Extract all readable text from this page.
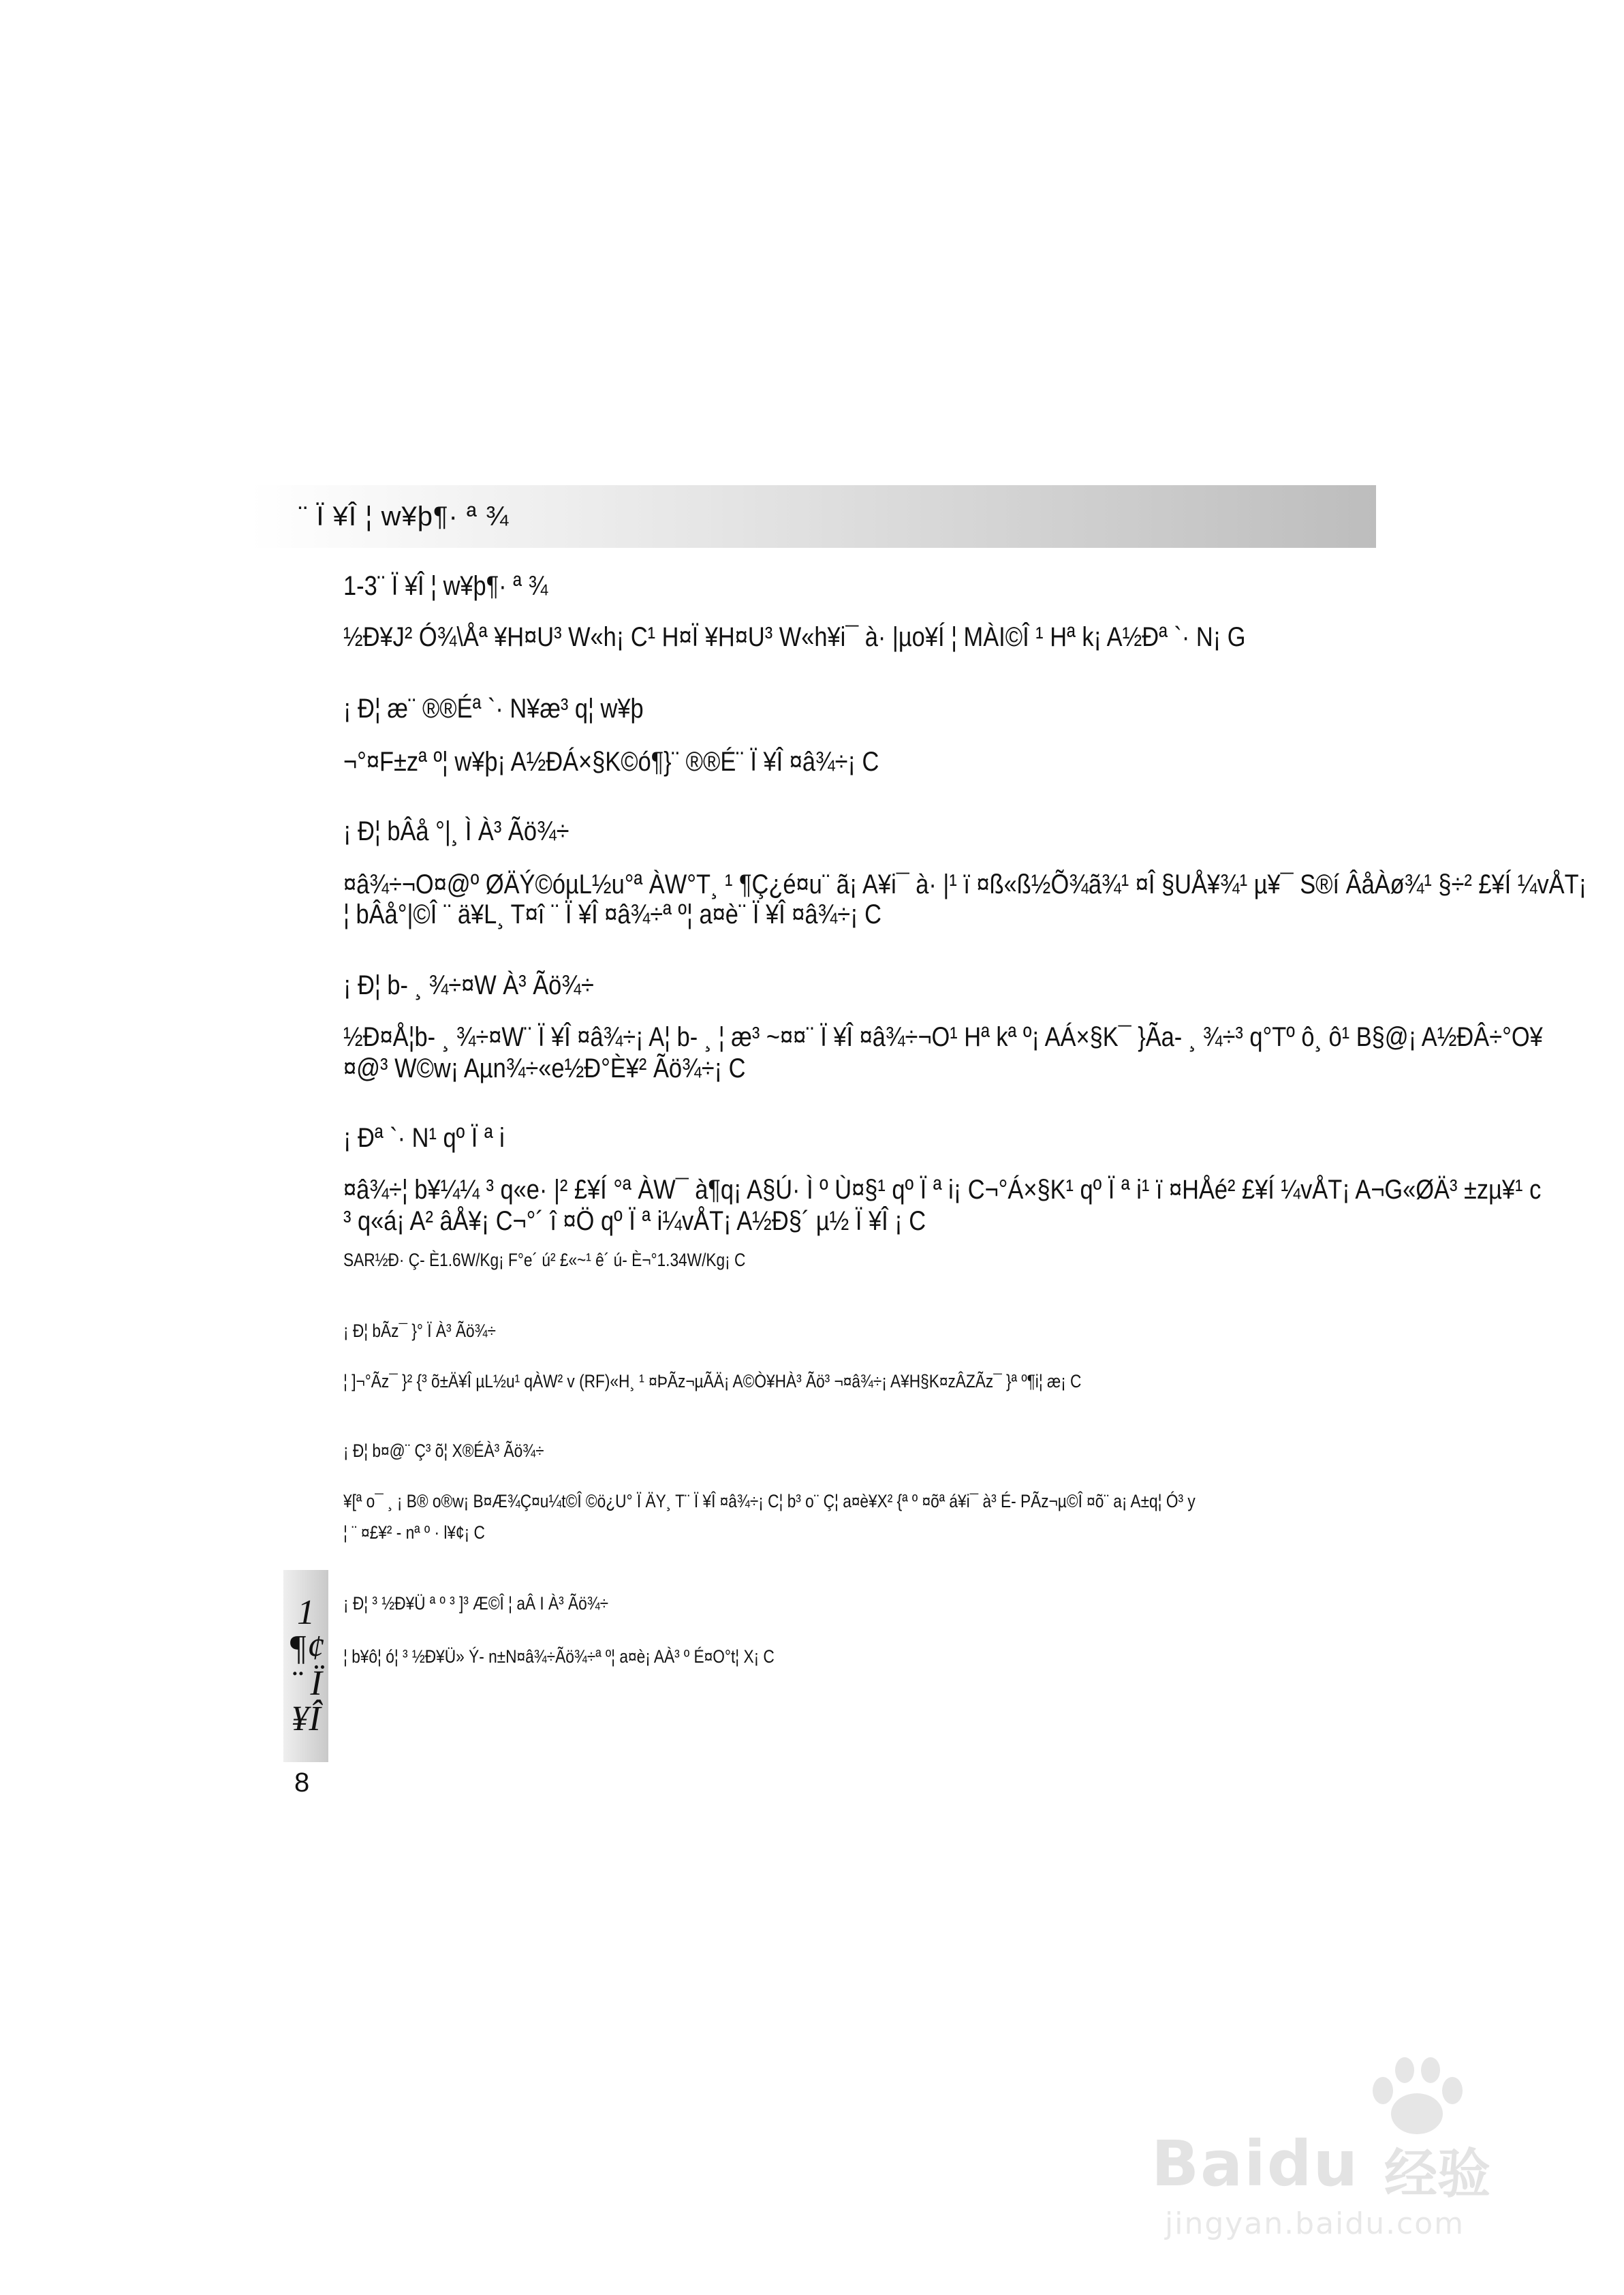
¨ Ï ¥Î ¦ w¥þ¶· ª ¾
1-3¨ Ï ¥Î ¦ w¥þ¶· ª ¾
½Ð¥J² Ó¾\Åª ¥H¤U³ W«h¡ C¹ H¤Ï ¥H¤U³ W«h¥i¯ à· |µo¥Í ¦ MÀI©Î ¹ Hª k¡ A½Ðª `· N¡ G
¡ Ð¦ æ¨ ®®Éª `· N¥æ³ q¦ w¥þ
¬°¤F±zª º¦ w¥þ¡ A½ÐÁ×§K©ó¶}¨ ®®É¨ Ï ¥Î ¤â¾÷¡ C
¡ Ð¦ bÂå °|¸ Ì À³ Ãö¾÷
¤â¾÷¬O¤@º ØÄÝ©óµL½u°ª ÀW°T¸ ¹ ¶Ç¿é¤u¨ ã¡ A¥i¯ à· |¹ ï ¤ß«ß½Õ¾ã¾¹ ¤Î §UÅ¥¾¹ µ¥¯ S®í ÂåÀø¾¹ §÷² £¥Í ¼vÅT¡
¦ bÂå°|©Î ¨ ä¥L¸ T¤î ¨ Ï ¥Î ¤â¾÷ª º¦ a¤è¨ Ï ¥Î ¤â¾÷¡ C
¡ Ð¦ b- ¸ ¾÷¤W À³ Ãö¾÷
½Ð¤Å¦b- ¸ ¾÷¤W¨ Ï ¥Î ¤â¾÷¡ A¦ b- ¸ ¦ æ³ ~¤¤¨ Ï ¥Î ¤â¾÷¬O¹ Hª kª º¡ AÁ×§K¯ }Ãa- ¸ ¾÷³ q°Tº ô¸ ô¹ B§@¡ A½ÐÂ÷°O¥
¤@³ W©w¡ Aµn¾÷«e½Ð°È¥² Ãö¾÷¡ C
¡ Ðª `· N¹ qº Ï ª i
¤â¾÷¦ b¥¼¼ ³ q«e· |² £¥Í °ª ÀW¯ à¶q¡ A§Ú· Ì º Ù¤§¹ qº Ï ª i¡ C¬°Á×§K¹ qº Ï ª i¹ ï ¤HÅé² £¥Í ¼vÅT¡ A¬G«ØÄ³ ±zµ¥¹ c
³ q«á¡ A² âÅ¥¡ C¬°´ î ¤Ö qº Ï ª i¼vÅT¡ A½Ð§´ µ½ Ï ¥Î ¡ C
SAR½Ð· Ç- È1.6W/Kg¡ F°e´ ú² £«~¹ ê´ ú- È¬°1.34W/Kg¡ C
¡ Ð¦ bÃz¯ }° Ï À³ Ãö¾÷
¦ ]¬°Ãz¯ }² {³ õ±Ä¥Î µL½u¹ qÀW² v (RF)«H¸ ¹ ¤ÞÃz¬µÃÄ¡ A©Ò¥HÀ³ Ãö³ ¬¤â¾÷¡ A¥H§K¤zÂZÃz¯ }ª º¶i¦ æ¡ C
¡ Ð¦ b¤@¨ Ç³ õ¦ X®ÉÀ³ Ãö¾÷
¥[ª o¯ ¸ ¡ B® o®w¡ B¤Æ¾Ç¤u¼t©Î ©ö¿U° Ï ÄY¸ T¨ Ï ¥Î ¤â¾÷¡ C¦ b³ o¨ Ç¦ a¤è¥X² {ª º ¤õª á¥i¯ à³ É- PÃz¬µ©Î ¤õ¨ a¡ A±q¦ Ó³ y
¦ ¨ ¤£¥² - nª º · l¥¢¡ C
¡ Ð¦ ³ ½Ð¥Ü ª º ³ ]³ Æ©Î ¦ aÂ I À³ Ãö¾÷
¦ b¥ô¦ ó¦ ³ ½Ð¥Ü» Ý- n±N¤â¾÷Ãö¾÷ª º¦ a¤è¡ AÀ³ º É¤O°t¦ X¡ C
1 ¶¢ ¨ Ï ¥Î
8
Baidu 经验
jingyan.baidu.com
